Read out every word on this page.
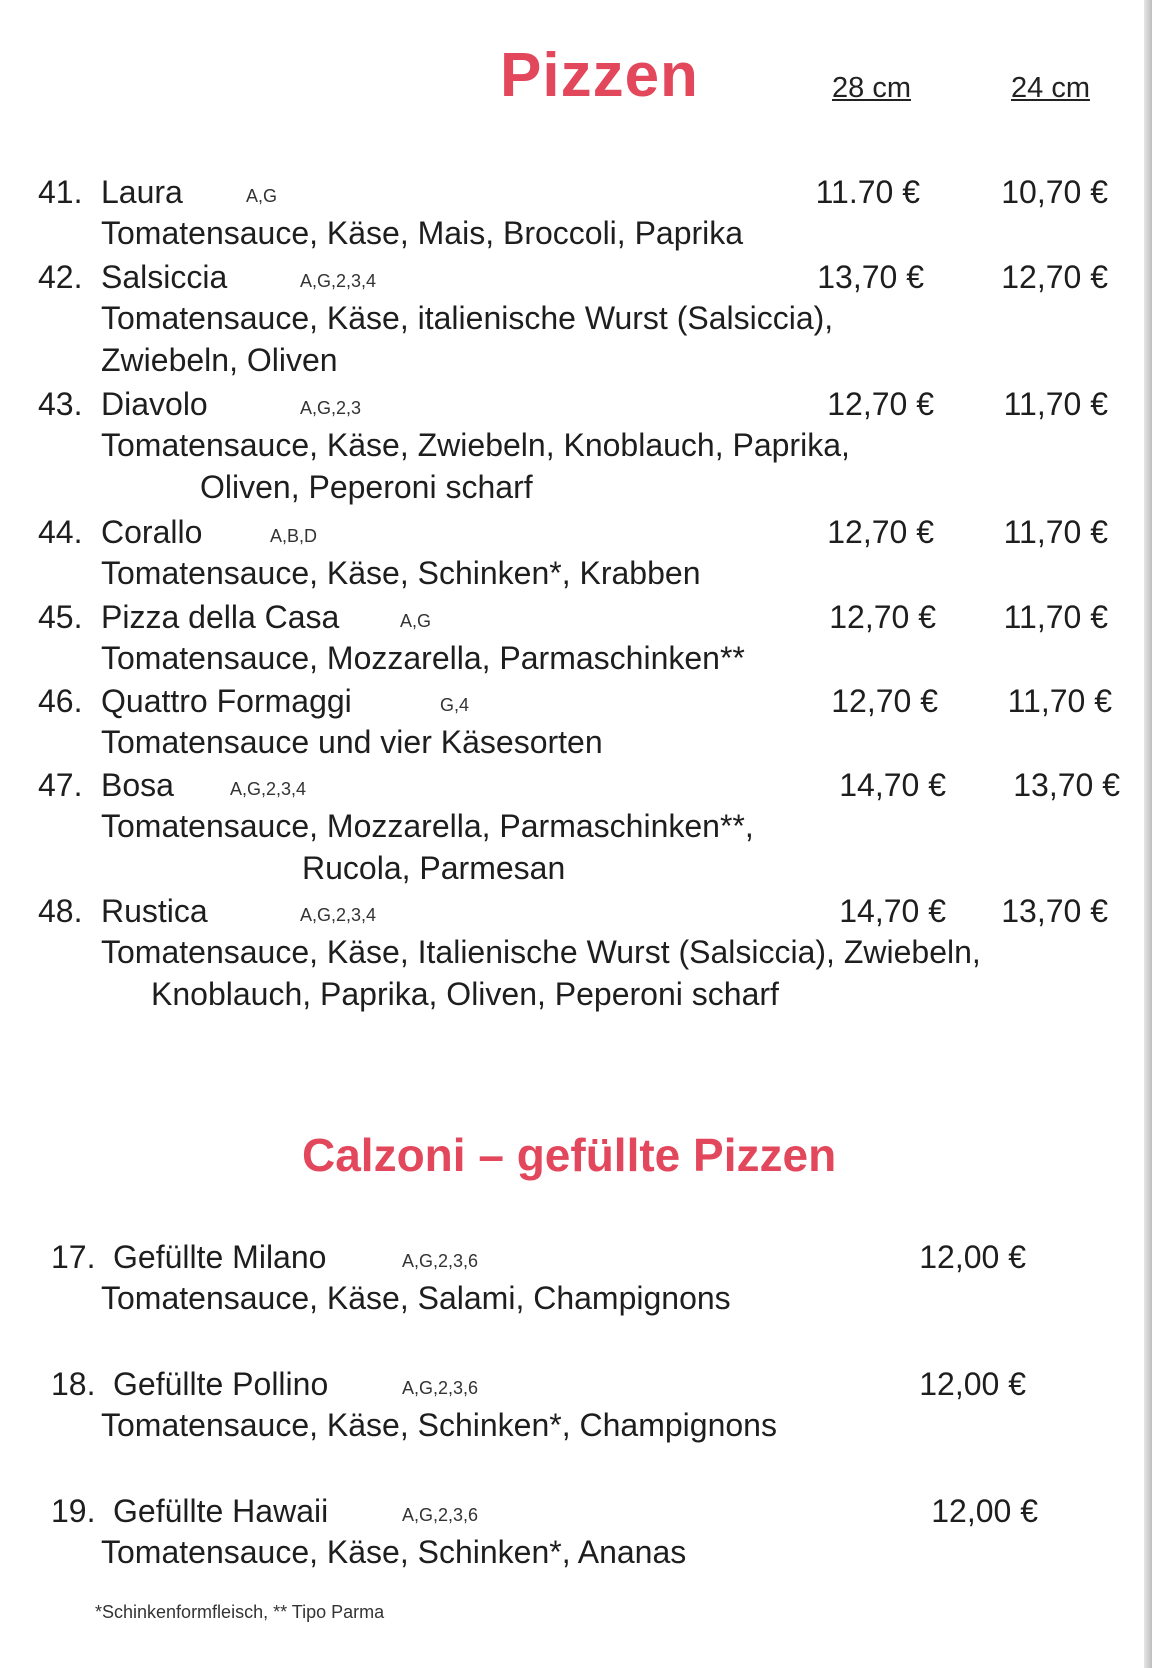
Pizzen	28 cm	24 cm
41. Laura	A,G	11.70 €	10,70 €
Tomatensauce, Käse, Mais, Broccoli, Paprika
42. Salsiccia	A,G,2,3,4	13,70 € 12,70 €
Tomatensauce, Käse, italienische Wurst (Salsiccia),
Zwiebeln, Oliven
43. Diavolo	A,G,2,3	12,70 € 11,70 €
Tomatensauce, Käse, Zwiebeln, Knoblauch, Paprika,
Oliven, Peperoni scharf
44. Corallo	A,B,D	12,70 € 11,70 €
Tomatensauce, Käse, Schinken*, Krabben
45. Pizza della Casa	A,G	12,70 € 11,70 €
Tomatensauce, Mozzarella, Parmaschinken**
46. Quattro Formaggi	G,4	12,70 € 11,70 €
Tomatensauce und vier Käsesorten
47. Bosa	A,G,2,3,4	14,70 € 13,70 €
Tomatensauce, Mozzarella, Parmaschinken**,
Rucola, Parmesan
48. Rustica	A,G,2,3,4	14,70 € 13,70 €
Tomatensauce, Käse, Italienische Wurst (Salsiccia), Zwiebeln,
Knoblauch, Paprika, Oliven, Peperoni scharf
Calzoni – gefüllte Pizzen
17. Gefüllte Milano	A,G,2,3,6	12,00 €
Tomatensauce, Käse, Salami, Champignons
18. Gefüllte Pollino	A,G,2,3,6	12,00 €
Tomatensauce, Käse, Schinken*, Champignons
19. Gefüllte Hawaii	A,G,2,3,6	12,00 €
Tomatensauce, Käse, Schinken*, Ananas
*Schinkenformfleisch, ** Tipo Parma
